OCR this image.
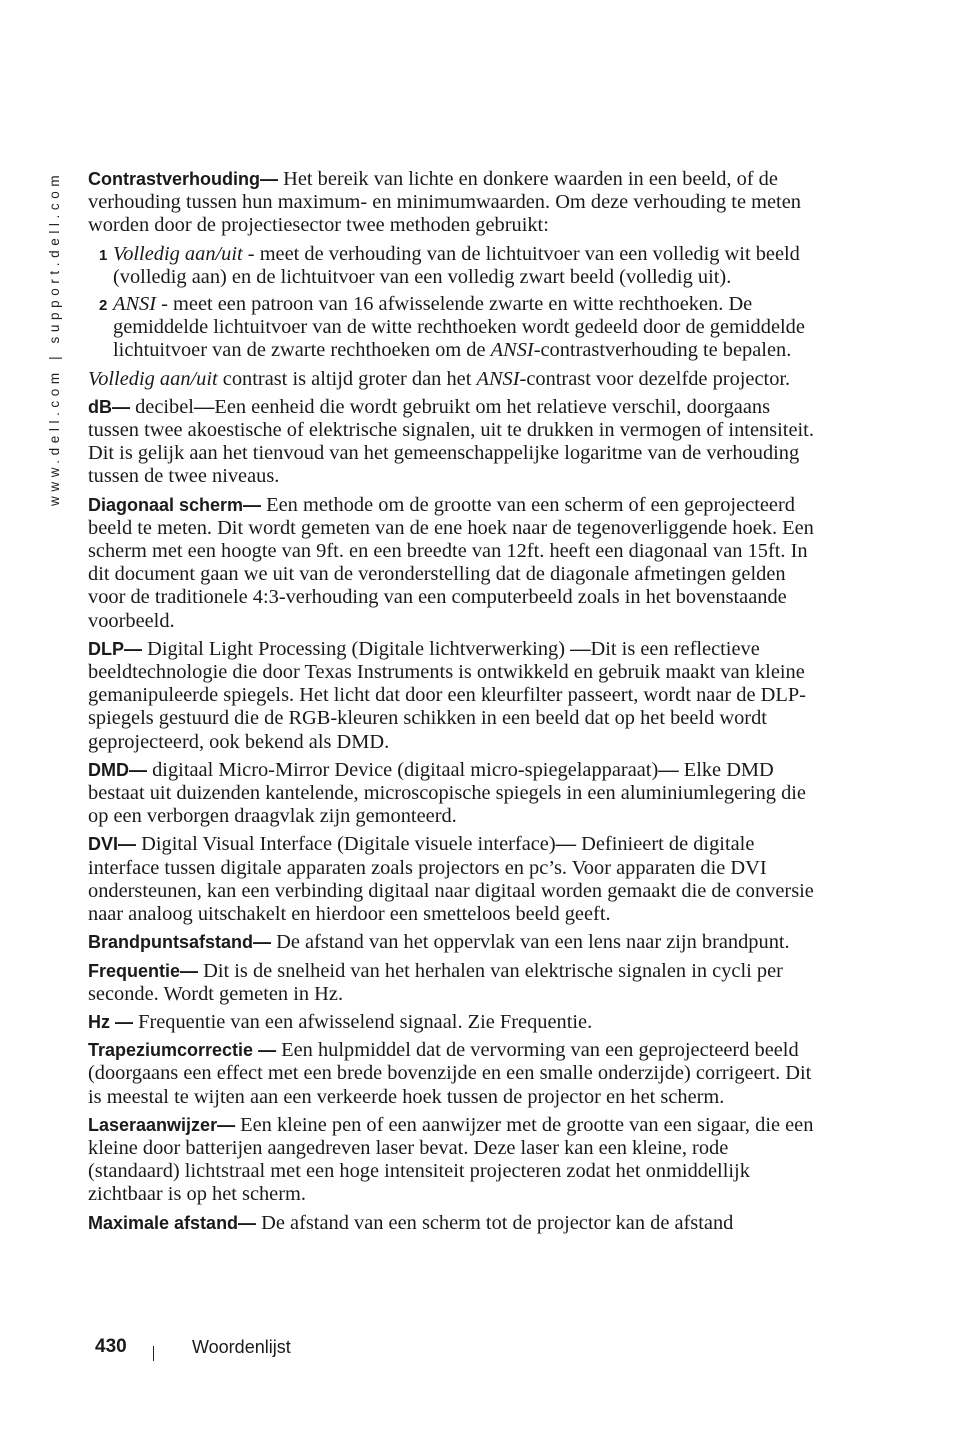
www.dell.com | support.dell.com	Contrastverhouding— Het bereik van lichte en donkere waarden in een beeld, of de verhouding tussen hun maximum- en minimumwaarden. Om deze verhouding te meten worden door de projectiesector twee methoden gebruikt:

1 Volledig aan/uit - meet de verhouding van de lichtuitvoer van een volledig wit beeld (volledig aan) en de lichtuitvoer van een volledig zwart beeld (volledig uit).
2 ANSI - meet een patroon van 16 afwisselende zwarte en witte rechthoeken. De gemiddelde lichtuitvoer van de witte rechthoeken wordt gedeeld door de gemiddelde lichtuitvoer van de zwarte rechthoeken om de ANSI-contrastverhouding te bepalen.

Volledig aan/uit contrast is altijd groter dan het ANSI-contrast voor dezelfde projector.

dB— decibel—Een eenheid die wordt gebruikt om het relatieve verschil, doorgaans tussen twee akoestische of elektrische signalen, uit te drukken in vermogen of intensiteit. Dit is gelijk aan het tienvoud van het gemeenschappelijke logaritme van de verhouding tussen de twee niveaus.

Diagonaal scherm— Een methode om de grootte van een scherm of een geprojecteerd beeld te meten. Dit wordt gemeten van de ene hoek naar de tegenoverliggende hoek. Een scherm met een hoogte van 9ft. en een breedte van 12ft. heeft een diagonaal van 15ft. In dit document gaan we uit van de veronderstelling dat de diagonale afmetingen gelden voor de traditionele 4:3-verhouding van een computerbeeld zoals in het bovenstaande voorbeeld.

DLP— Digital Light Processing (Digitale lichtverwerking) —Dit is een reflectieve beeldtechnologie die door Texas Instruments is ontwikkeld en gebruik maakt van kleine gemanipuleerde spiegels. Het licht dat door een kleurfilter passeert, wordt naar de DLP-spiegels gestuurd die de RGB-kleuren schikken in een beeld dat op het beeld wordt geprojecteerd, ook bekend als DMD.

DMD— digitaal Micro-Mirror Device (digitaal micro-spiegelapparaat)— Elke DMD bestaat uit duizenden kantelende, microscopische spiegels in een aluminiumlegering die op een verborgen draagvlak zijn gemonteerd.

DVI— Digital Visual Interface (Digitale visuele interface)— Definieert de digitale interface tussen digitale apparaten zoals projectors en pc’s. Voor apparaten die DVI ondersteunen, kan een verbinding digitaal naar digitaal worden gemaakt die de conversie naar analoog uitschakelt en hierdoor een smetteloos beeld geeft.

Brandpuntsafstand— De afstand van het oppervlak van een lens naar zijn brandpunt.

Frequentie— Dit is de snelheid van het herhalen van elektrische signalen in cycli per seconde. Wordt gemeten in Hz.

Hz — Frequentie van een afwisselend signaal. Zie Frequentie.

Trapeziumcorrectie — Een hulpmiddel dat de vervorming van een geprojecteerd beeld (doorgaans een effect met een brede bovenzijde en een smalle onderzijde) corrigeert. Dit is meestal te wijten aan een verkeerde hoek tussen de projector en het scherm.

Laseraanwijzer— Een kleine pen of een aanwijzer met de grootte van een sigaar, die een kleine door batterijen aangedreven laser bevat. Deze laser kan een kleine, rode (standaard) lichtstraal met een hoge intensiteit projecteren zodat het onmiddellijk zichtbaar is op het scherm.

Maximale afstand— De afstand van een scherm tot de projector kan de afstand

430	Woordenlijst
